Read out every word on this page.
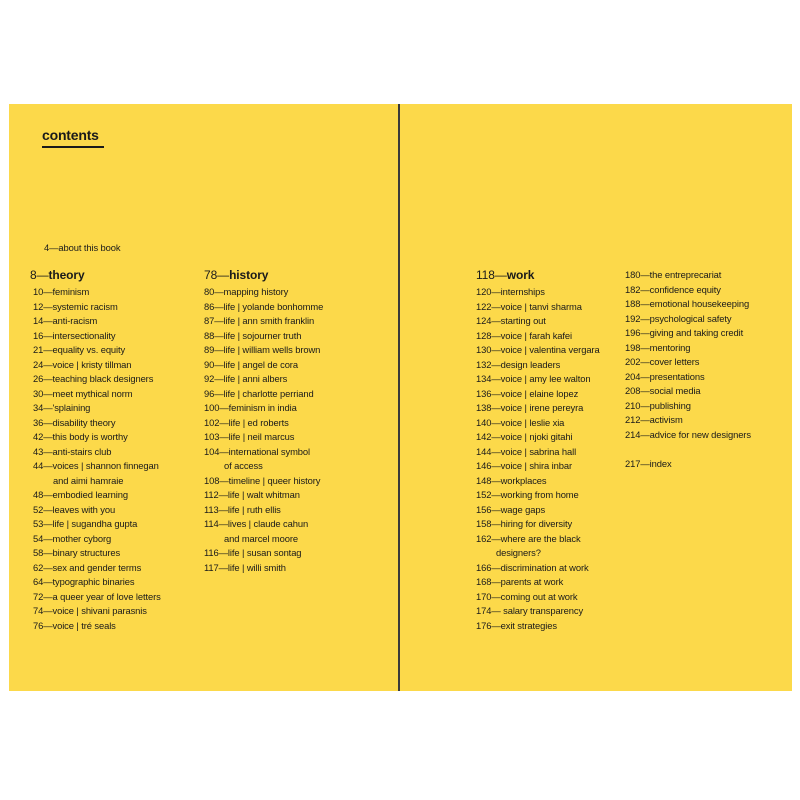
contents
4—about this book
8—theory
10—feminism
12—systemic racism
14—anti-racism
16—intersectionality
21—equality vs. equity
24—voice | kristy tillman
26—teaching black designers
30—meet mythical norm
34—'splaining
36—disability theory
42—this body is worthy
43—anti-stairs club
44—voices | shannon finnegan
and aimi hamraie
48—embodied learning
52—leaves with you
53—life | sugandha gupta
54—mother cyborg
58—binary structures
62—sex and gender terms
64—typographic binaries
72—a queer year of love letters
74—voice | shivani parasnis
76—voice | tré seals
78—history
80—mapping history
86—life | yolande bonhomme
87—life | ann smith franklin
88—life | sojourner truth
89—life | william wells brown
90—life | angel de cora
92—life | anni albers
96—life | charlotte perriand
100—feminism in india
102—life | ed roberts
103—life | neil marcus
104—international symbol
of access
108—timeline | queer history
112—life | walt whitman
113—life | ruth ellis
114—lives | claude cahun
and marcel moore
116—life | susan sontag
117—life | willi smith
118—work
120—internships
122—voice | tanvi sharma
124—starting out
128—voice | farah kafei
130—voice | valentina vergara
132—design leaders
134—voice | amy lee walton
136—voice | elaine lopez
138—voice | irene pereyra
140—voice | leslie xia
142—voice | njoki gitahi
144—voice | sabrina hall
146—voice | shira inbar
148—workplaces
152—working from home
156—wage gaps
158—hiring for diversity
162—where are the black
designers?
166—discrimination at work
168—parents at work
170—coming out at work
174— salary transparency
176—exit strategies
180—the entreprecariat
182—confidence equity
188—emotional housekeeping
192—psychological safety
196—giving and taking credit
198—mentoring
202—cover letters
204—presentations
208—social media
210—publishing
212—activism
214—advice for new designers
217—index
